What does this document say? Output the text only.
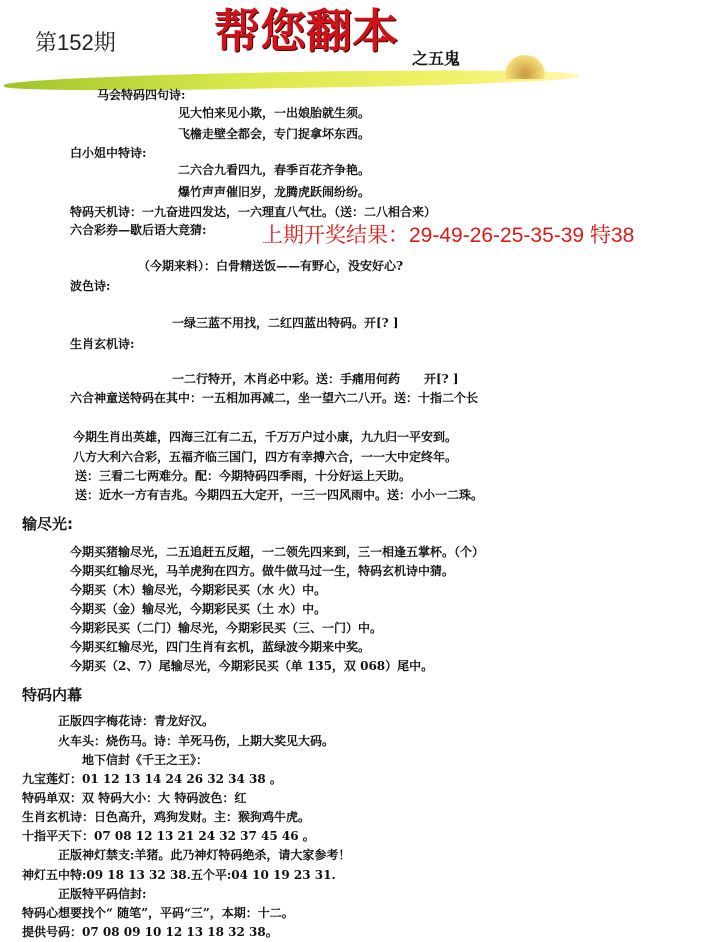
第152期 帮您翻本
之五鬼
马会特码四句诗:
见大怕来见小欺，一出娘胎就生须。
飞檐走壁全都会，专门捉拿坏东西。
白小姐中特诗:
二六合九看四九，春季百花齐争艳。
爆竹声声催旧岁，龙腾虎跃闹纷纷。
特码天机诗：一九奋进四发达，一六理直八气壮。（送：二八相合来）
六合彩券—歇后语大竞猜:	上期开奖结果：29-49-26-25-35-39 特38
（今期来料）：白骨精送饭——有野心，没安好心?
波色诗:
一绿三蓝不用找，二红四蓝出特码。开[? ]
生肖玄机诗:
一二行特开，木肖必中彩。送：手痛用何药　　开[? ]
六合神童送特码在其中：一五相加再减二，坐一望六二八开。送：十指二个长
今期生肖出英雄，四海三江有二五，千万万户过小康，九九归一平安到。
八方大利六合彩，五福齐临三国门，四方有幸搏六合，一一大中定终年。
送：三看二七两难分。配：今期特码四季雨，十分好运上天助。
送：近水一方有吉兆。今期四五大定开，一三一四风雨中。送：小小一二珠。
输尽光:
今期买猪输尽光，二五追赶五反超，一二领先四来到，三一相逢五掌杯。（个）
今期买红输尽光，马羊虎狗在四方。做牛做马过一生，特码玄机诗中猜。
今期买（木）输尽光，今期彩民买（水 火）中。
今期买（金）输尽光，今期彩民买（土 水）中。
今期彩民买（二门）输尽光，今期彩民买（三、一门）中。
今期买红输尽光，四门生肖有玄机，蓝绿波今期来中奖。
今期买（2、7）尾输尽光，今期彩民买（单 135，双 068）尾中。
特码内幕
正版四字梅花诗：青龙好汉。
火车头：烧伤马。诗：羊死马伤，上期大奖见大码。
地下信封《千王之王》：
九宝莲灯：01 12 13 14 24 26 32 34 38 。
特码单双：双 特码大小：大 特码波色：红
生肖玄机诗：日色高升，鸡狗发财。主：猴狗鸡牛虎。
十指平天下：07 08 12 13 21 24 32 37 45 46 。
正版神灯禁支:羊猪。此乃神灯特码绝杀，请大家参考！
神灯五中特:09 18 13 32 38.五个平:04 10 19 23 31.
正版特平码信封:
特码心想要找个“ 随笔”，平码“三”，本期：十二。
提供号码：07 08 09 10 12 13 18 32 38。
